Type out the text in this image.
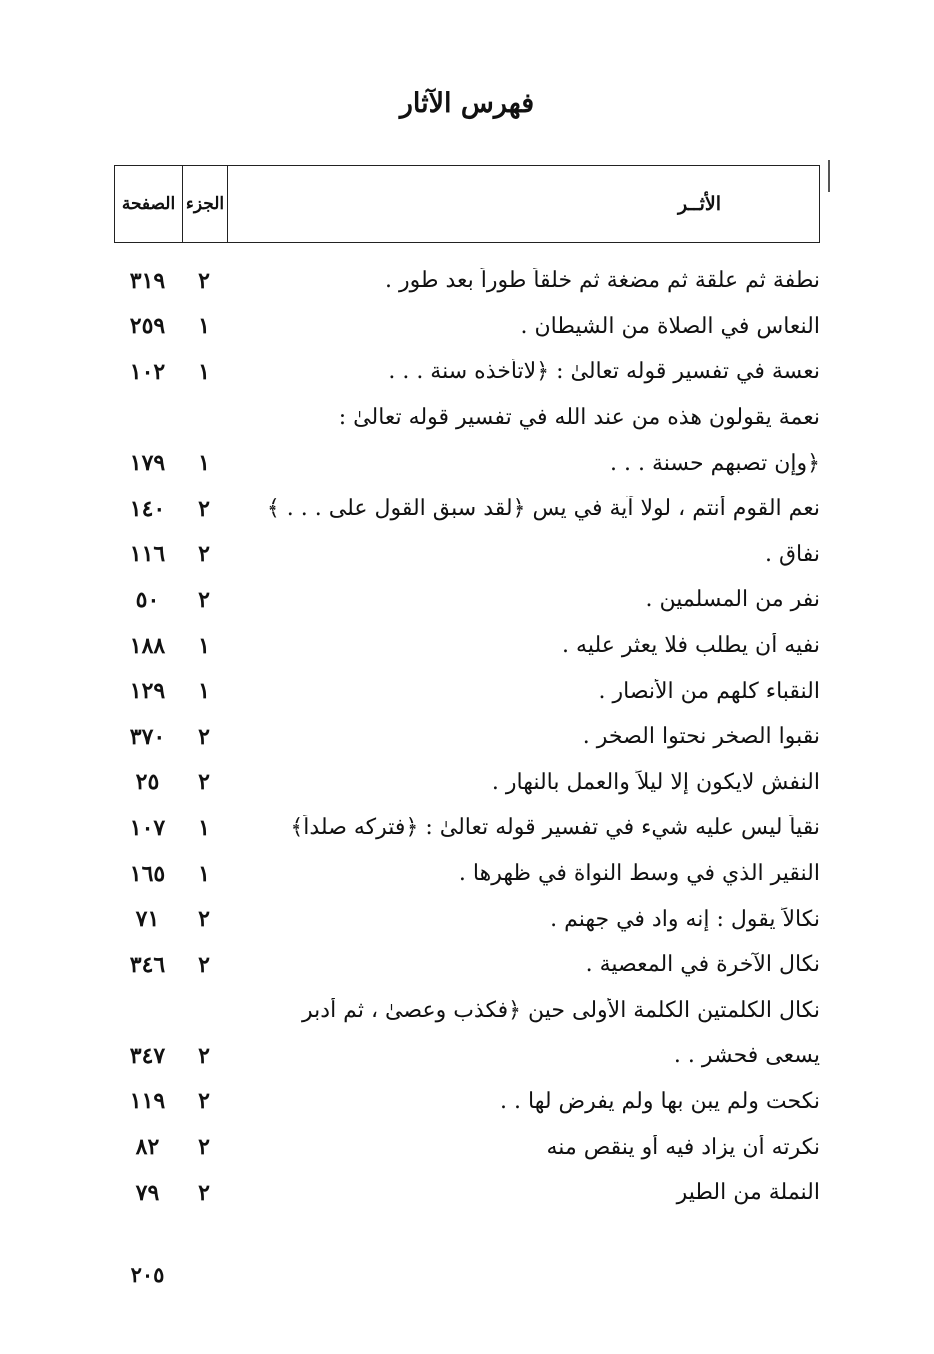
فهرس الآثار
الأثــر
الجزء
الصفحة
نطفة ثم علقة ثم مضغة ثم خلقاً طوراً بعد طور .
٢
٣١٩
النعاس في الصلاة من الشيطان .
١
٢٥٩
نعسة في تفسير قوله تعالىٰ : ﴿لاتأخذه سنة . . .
١
١٠٢
نعمة يقولون هذه من عند الله في تفسير قوله تعالىٰ :
﴿وإن تصبهم حسنة . . .
١
١٧٩
نعم القوم أنتم ، لولا آية في يس ﴿لقد سبق القول على . . . ﴾
٢
١٤٠
نفاق .
٢
١١٦
نفر من المسلمين .
٢
٥٠
نفيه أن يطلب فلا يعثر عليه .
١
١٨٨
النقباء كلهم من الأنصار .
١
١٢٩
نقبوا الصخر نحتوا الصخر .
٢
٣٧٠
النفش لايكون إلا ليلاً والعمل بالنهار .
٢
٢٥
نقياً ليس عليه شيء في تفسير قوله تعالىٰ : ﴿فتركه صلداً﴾
١
١٠٧
النقير الذي في وسط النواة في ظهرها .
١
١٦٥
نكالاً يقول : إنه واد في جهنم .
٢
٧١
نكال الآخرة في المعصية .
٢
٣٤٦
نكال الكلمتين الكلمة الأولى حين ﴿فكذب وعصىٰ ، ثم أدبر
يسعى فحشر . .
٢
٣٤٧
نكحت ولم يبن بها ولم يفرض لها . .
٢
١١٩
نكرته أن يزاد فيه أو ينقص منه
٢
٨٢
النملة من الطير
٢
٧٩
٢٠٥
